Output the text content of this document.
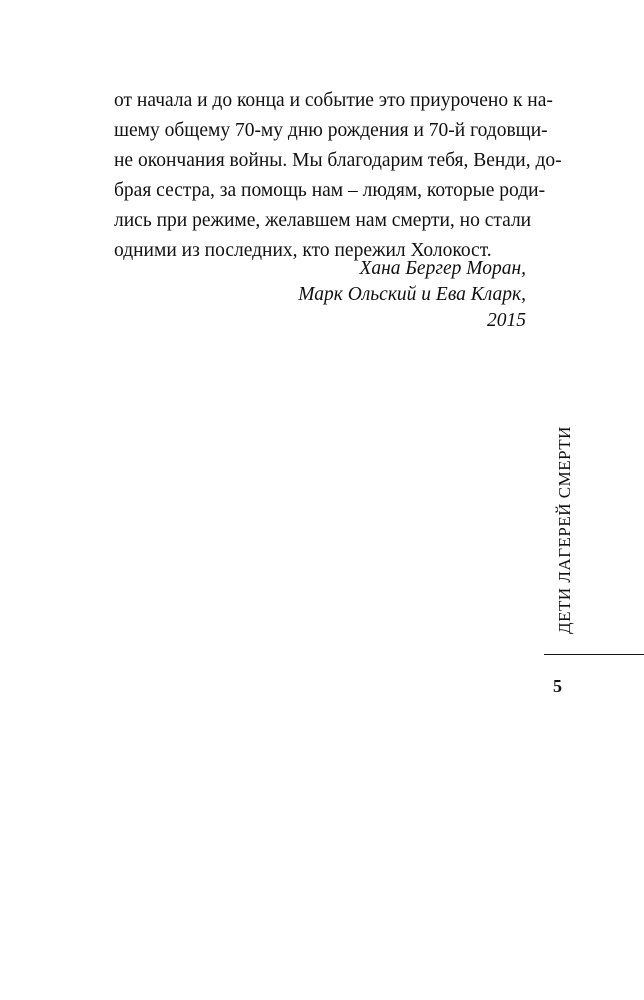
от начала и до конца и событие это приурочено к на-
шему общему 70-му дню рождения и 70-й годовщи-
не окончания войны. Мы благодарим тебя, Венди, до-
брая сестра, за помощь нам – людям, которые роди-
лись при режиме, желавшем нам смерти, но стали
одними из последних, кто пережил Холокост.
Хана Бергер Моран,
Марк Ольский и Ева Кларк,
2015
ДЕТИ ЛАГЕРЕЙ СМЕРТИ
5
